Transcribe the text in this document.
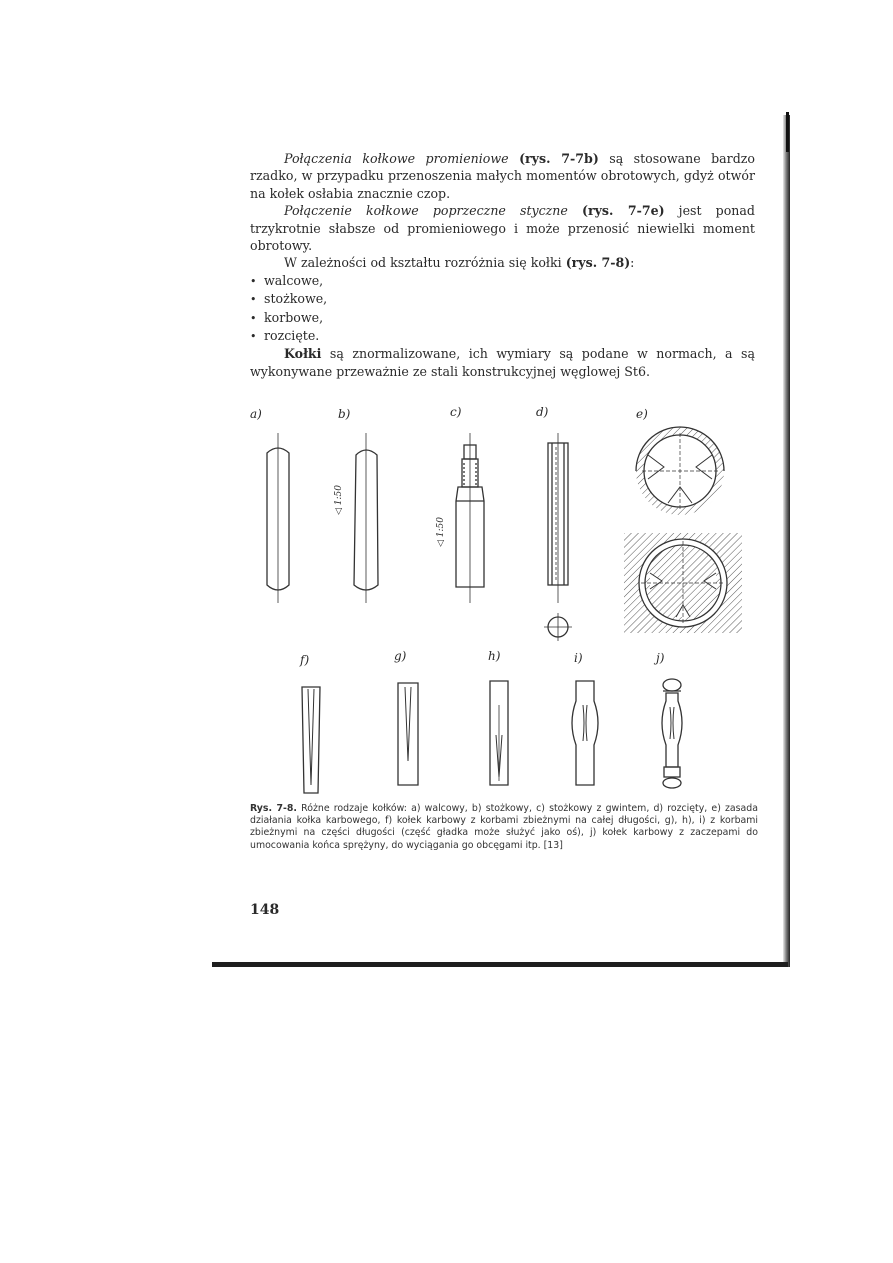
Połączenia kołkowe promieniowe (rys. 7-7b) są stosowane bardzo rzadko, w przypadku przenoszenia małych momentów obrotowych, gdyż otwór na kołek osłabia znacznie czop.

Połączenie kołkowe poprzeczne styczne (rys. 7-7e) jest ponad trzykrotnie słabsze od promieniowego i może przenosić niewielki moment obrotowy.

W zależności od kształtu rozróżnia się kołki (rys. 7-8):

• walcowe,
• stożkowe,
• korbowe,
• rozcięte.

Kołki są znormalizowane, ich wymiary są podane w normach, a są wykonywane przeważnie ze stali konstrukcyjnej węglowej St6.

a)	b)	c)	d)	e)
f)	g)	h)	i)	j)
◁ 1:50
◁ 1:50
Rys. 7-8. Różne rodzaje kołków: a) walcowy, b) stożkowy, c) stożkowy z gwintem, d) rozcięty, e) zasada działania kołka karbowego, f) kołek karbowy z korbami zbieżnymi na całej długości, g), h), i) z korbami zbieżnymi na części długości (część gładka może służyć jako oś), j) kołek karbowy z zaczepami do umocowania końca sprężyny, do wyciągania go obcęgami itp. [13]
148
